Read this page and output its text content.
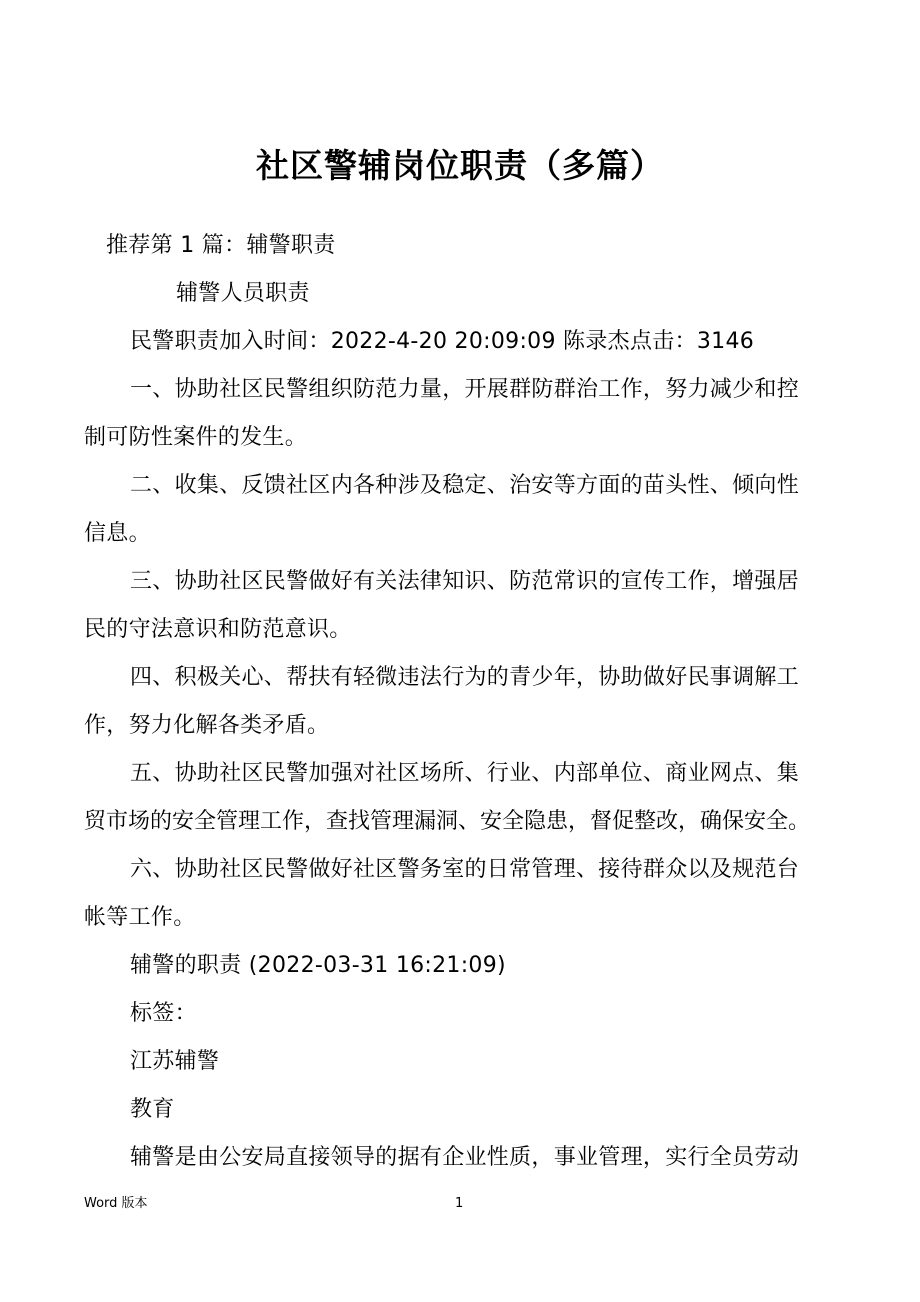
社区警辅岗位职责（多篇）
推荐第 1 篇：辅警职责
辅警人员职责
民警职责加入时间：2022-4-20 20:09:09 陈录杰点击：3146
一、协助社区民警组织防范力量，开展群防群治工作，努力减少和控
制可防性案件的发生。
二、收集、反馈社区内各种涉及稳定、治安等方面的苗头性、倾向性
信息。
三、协助社区民警做好有关法律知识、防范常识的宣传工作，增强居
民的守法意识和防范意识。
四、积极关心、帮扶有轻微违法行为的青少年，协助做好民事调解工
作，努力化解各类矛盾。
五、协助社区民警加强对社区场所、行业、内部单位、商业网点、集
贸市场的安全管理工作，查找管理漏洞、安全隐患，督促整改，确保安全。
六、协助社区民警做好社区警务室的日常管理、接待群众以及规范台
帐等工作。
辅警的职责 (2022-03-31 16:21:09)
标签：
江苏辅警
教育
辅警是由公安局直接领导的据有企业性质，事业管理，实行全员劳动
Word 版本	1
